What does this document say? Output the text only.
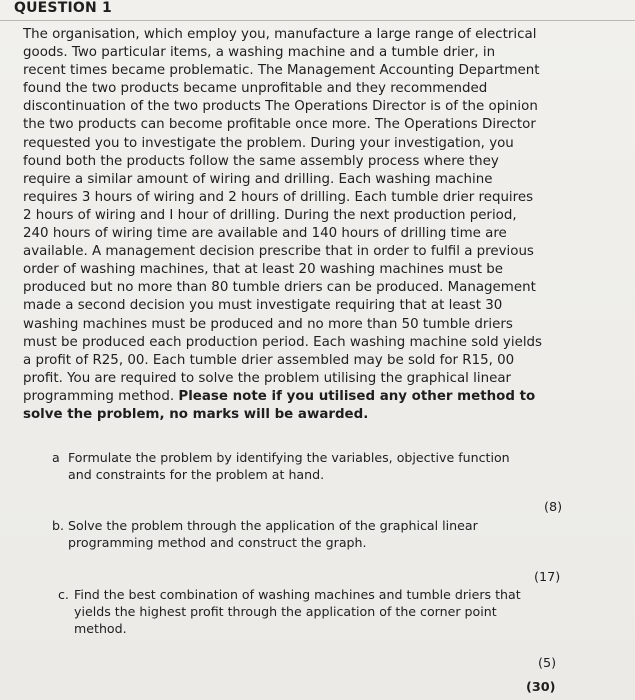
QUESTION 1
The organisation, which employ you, manufacture a large range of electrical
goods. Two particular items, a washing machine and a tumble drier, in
recent times became problematic. The Management Accounting Department
found the two products became unprofitable and they recommended
discontinuation of the two products The Operations Director is of the opinion
the two products can become profitable once more. The Operations Director
requested you to investigate the problem. During your investigation, you
found both the products follow the same assembly process where they
require a similar amount of wiring and drilling. Each washing machine
requires 3 hours of wiring and 2 hours of drilling. Each tumble drier requires
2 hours of wiring and I hour of drilling. During the next production period,
240 hours of wiring time are available and 140 hours of drilling time are
available. A management decision prescribe that in order to fulfil a previous
order of washing machines, that at least 20 washing machines must be
produced but no more than 80 tumble driers can be produced. Management
made a second decision you must investigate requiring that at least 30
washing machines must be produced and no more than 50 tumble driers
must be produced each production period. Each washing machine sold yields
a profit of R25, 00. Each tumble drier assembled may be sold for R15, 00
profit. You are required to solve the problem utilising the graphical linear
programming method. Please note if you utilised any other method to
solve the problem, no marks will be awarded.
a Formulate the problem by identifying the variables, objective function
and constraints for the problem at hand.
(8)
b. Solve the problem through the application of the graphical linear
programming method and construct the graph.
(17)
c. Find the best combination of washing machines and tumble driers that
yields the highest profit through the application of the corner point
method.
(5)
(30)
